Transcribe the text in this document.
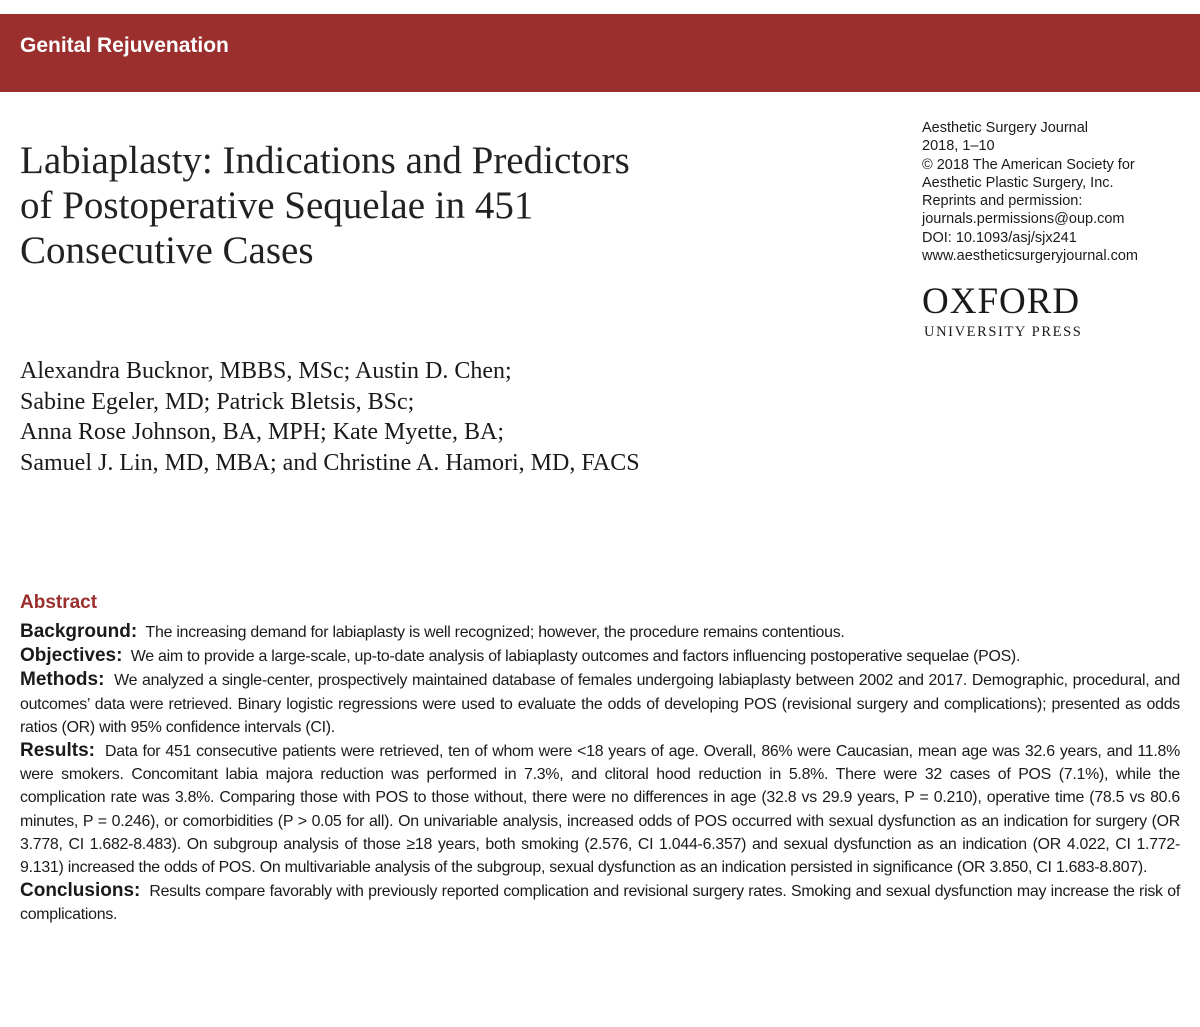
Genital Rejuvenation
Labiaplasty: Indications and Predictors
of Postoperative Sequelae in 451
Consecutive Cases
Aesthetic Surgery Journal
2018, 1–10
© 2018 The American Society for
Aesthetic Plastic Surgery, Inc.
Reprints and permission:
journals.permissions@oup.com
DOI: 10.1093/asj/sjx241
www.aestheticsurgeryjournal.com
OXFORD
UNIVERSITY PRESS
Alexandra Bucknor, MBBS, MSc; Austin D. Chen;
Sabine Egeler, MD; Patrick Bletsis, BSc;
Anna Rose Johnson, BA, MPH; Kate Myette, BA;
Samuel J. Lin, MD, MBA; and Christine A. Hamori, MD, FACS
Abstract

Background: The increasing demand for labiaplasty is well recognized; however, the procedure remains contentious.

Objectives: We aim to provide a large-scale, up-to-date analysis of labiaplasty outcomes and factors influencing postoperative sequelae (POS).

Methods: We analyzed a single-center, prospectively maintained database of females undergoing labiaplasty between 2002 and 2017. Demographic, procedural, and outcomes’ data were retrieved. Binary logistic regressions were used to evaluate the odds of developing POS (revisional surgery and complications); presented as odds ratios (OR) with 95% confidence intervals (CI).

Results: Data for 451 consecutive patients were retrieved, ten of whom were <18 years of age. Overall, 86% were Caucasian, mean age was 32.6 years, and 11.8% were smokers. Concomitant labia majora reduction was performed in 7.3%, and clitoral hood reduction in 5.8%. There were 32 cases of POS (7.1%), while the complication rate was 3.8%. Comparing those with POS to those without, there were no differences in age (32.8 vs 29.9 years, P = 0.210), operative time (78.5 vs 80.6 minutes, P = 0.246), or comorbidities (P > 0.05 for all). On univariable analysis, increased odds of POS occurred with sexual dysfunction as an indication for surgery (OR 3.778, CI 1.682-8.483). On subgroup analysis of those ≥18 years, both smoking (2.576, CI 1.044-6.357) and sexual dysfunction as an indication (OR 4.022, CI 1.772-9.131) increased the odds of POS. On multivariable analysis of the subgroup, sexual dysfunction as an indication persisted in significance (OR 3.850, CI 1.683-8.807).

Conclusions: Results compare favorably with previously reported complication and revisional surgery rates. Smoking and sexual dysfunction may increase the risk of complications.
